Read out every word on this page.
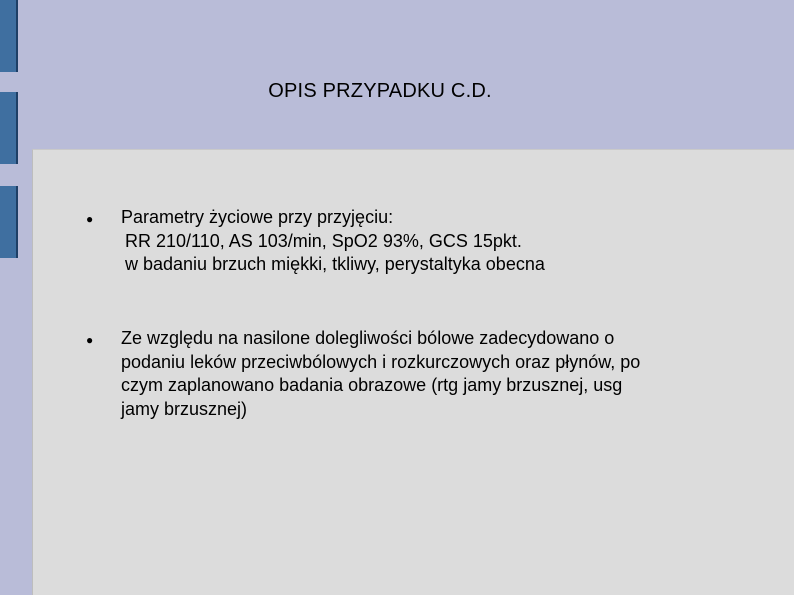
OPIS PRZYPADKU C.D.
● Parametry życiowe przy przyjęciu:
RR 210/110, AS 103/min, SpO2 93%, GCS 15pkt.
w badaniu brzuch miękki, tkliwy, perystaltyka obecna
● Ze względu na nasilone dolegliwości bólowe zadecydowano o
podaniu leków przeciwbólowych i rozkurczowych oraz płynów, po
czym zaplanowano badania obrazowe (rtg jamy brzusznej, usg
jamy brzusznej)
